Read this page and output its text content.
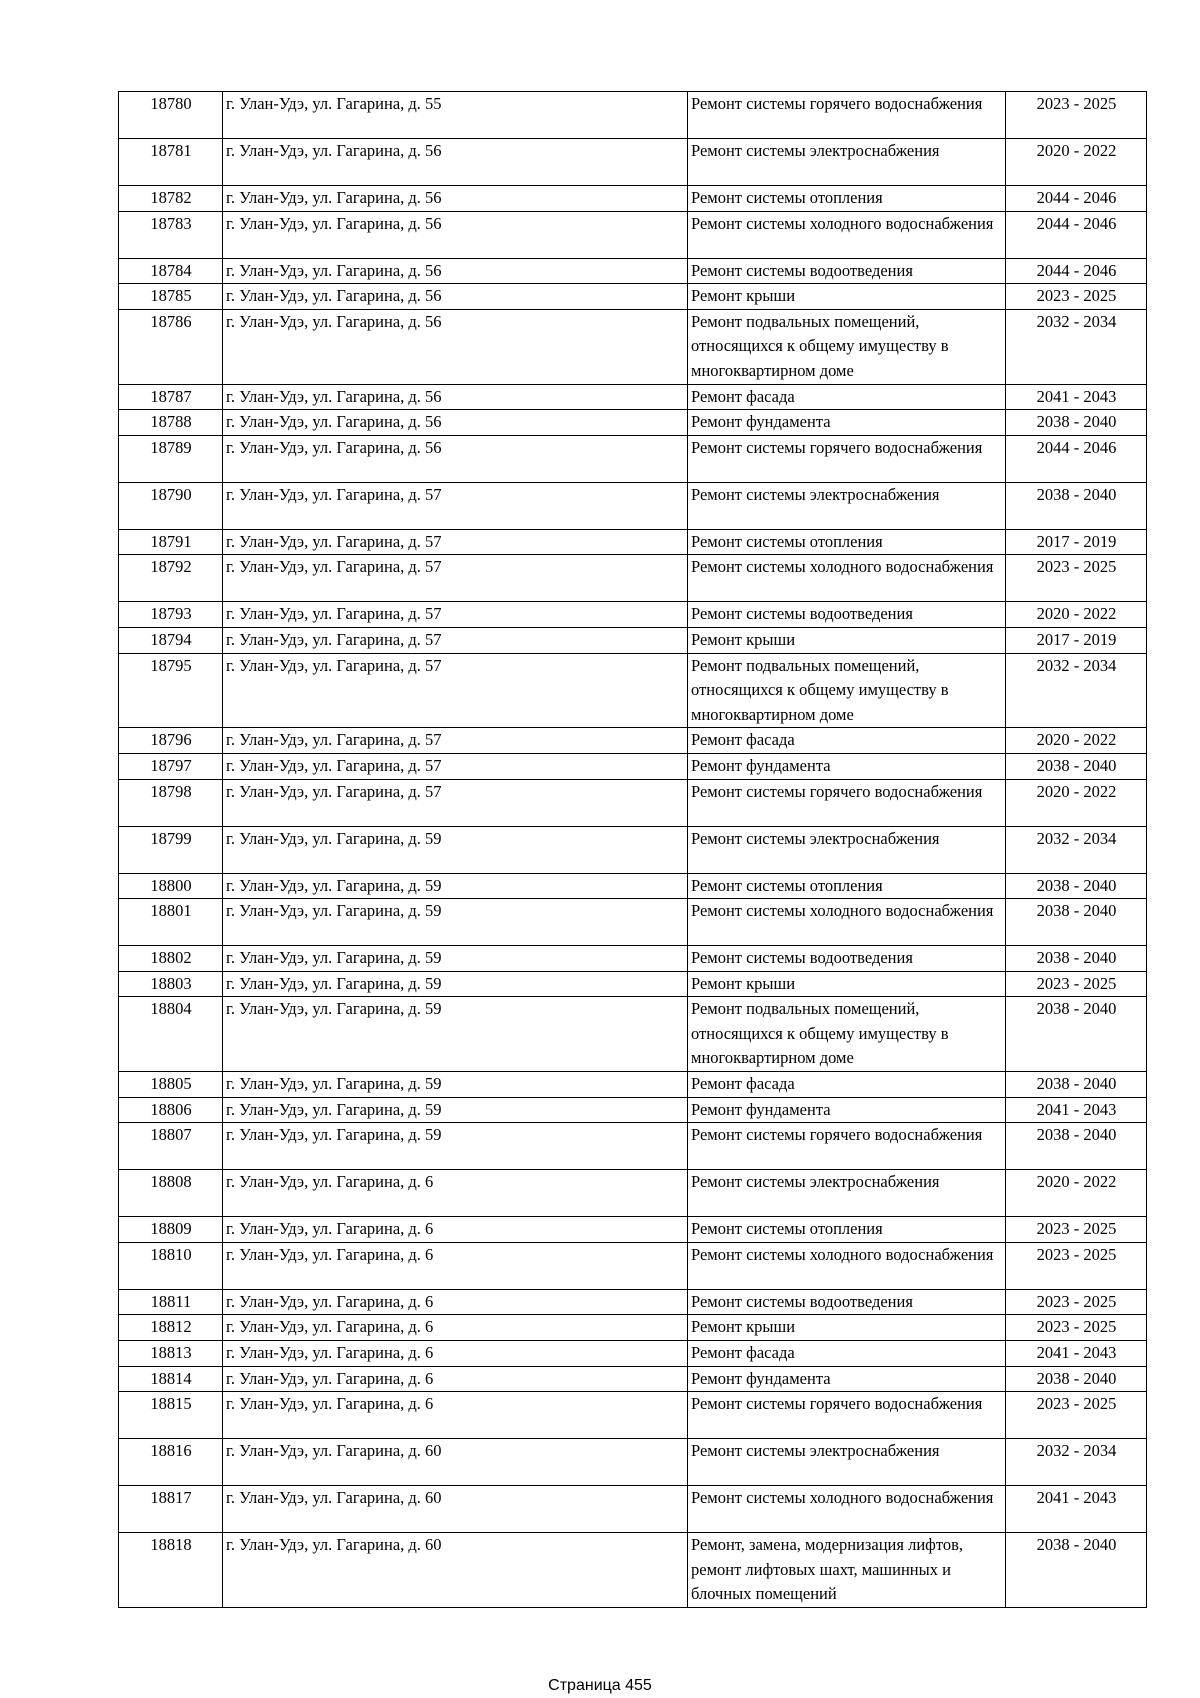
18780	г. Улан-Удэ, ул. Гагарина, д. 55	Ремонт системы горячего водоснабжения	2023 - 2025
18781	г. Улан-Удэ, ул. Гагарина, д. 56	Ремонт системы электроснабжения	2020 - 2022
18782	г. Улан-Удэ, ул. Гагарина, д. 56	Ремонт системы отопления	2044 - 2046
18783	г. Улан-Удэ, ул. Гагарина, д. 56	Ремонт системы холодного водоснабжения	2044 - 2046
18784	г. Улан-Удэ, ул. Гагарина, д. 56	Ремонт системы водоотведения	2044 - 2046
18785	г. Улан-Удэ, ул. Гагарина, д. 56	Ремонт крыши	2023 - 2025
18786	г. Улан-Удэ, ул. Гагарина, д. 56	Ремонт подвальных помещений, относящихся к общему имуществу в многоквартирном доме	2032 - 2034
18787	г. Улан-Удэ, ул. Гагарина, д. 56	Ремонт фасада	2041 - 2043
18788	г. Улан-Удэ, ул. Гагарина, д. 56	Ремонт фундамента	2038 - 2040
18789	г. Улан-Удэ, ул. Гагарина, д. 56	Ремонт системы горячего водоснабжения	2044 - 2046
18790	г. Улан-Удэ, ул. Гагарина, д. 57	Ремонт системы электроснабжения	2038 - 2040
18791	г. Улан-Удэ, ул. Гагарина, д. 57	Ремонт системы отопления	2017 - 2019
18792	г. Улан-Удэ, ул. Гагарина, д. 57	Ремонт системы холодного водоснабжения	2023 - 2025
18793	г. Улан-Удэ, ул. Гагарина, д. 57	Ремонт системы водоотведения	2020 - 2022
18794	г. Улан-Удэ, ул. Гагарина, д. 57	Ремонт крыши	2017 - 2019
18795	г. Улан-Удэ, ул. Гагарина, д. 57	Ремонт подвальных помещений, относящихся к общему имуществу в многоквартирном доме	2032 - 2034
18796	г. Улан-Удэ, ул. Гагарина, д. 57	Ремонт фасада	2020 - 2022
18797	г. Улан-Удэ, ул. Гагарина, д. 57	Ремонт фундамента	2038 - 2040
18798	г. Улан-Удэ, ул. Гагарина, д. 57	Ремонт системы горячего водоснабжения	2020 - 2022
18799	г. Улан-Удэ, ул. Гагарина, д. 59	Ремонт системы электроснабжения	2032 - 2034
18800	г. Улан-Удэ, ул. Гагарина, д. 59	Ремонт системы отопления	2038 - 2040
18801	г. Улан-Удэ, ул. Гагарина, д. 59	Ремонт системы холодного водоснабжения	2038 - 2040
18802	г. Улан-Удэ, ул. Гагарина, д. 59	Ремонт системы водоотведения	2038 - 2040
18803	г. Улан-Удэ, ул. Гагарина, д. 59	Ремонт крыши	2023 - 2025
18804	г. Улан-Удэ, ул. Гагарина, д. 59	Ремонт подвальных помещений, относящихся к общему имуществу в многоквартирном доме	2038 - 2040
18805	г. Улан-Удэ, ул. Гагарина, д. 59	Ремонт фасада	2038 - 2040
18806	г. Улан-Удэ, ул. Гагарина, д. 59	Ремонт фундамента	2041 - 2043
18807	г. Улан-Удэ, ул. Гагарина, д. 59	Ремонт системы горячего водоснабжения	2038 - 2040
18808	г. Улан-Удэ, ул. Гагарина, д. 6	Ремонт системы электроснабжения	2020 - 2022
18809	г. Улан-Удэ, ул. Гагарина, д. 6	Ремонт системы отопления	2023 - 2025
18810	г. Улан-Удэ, ул. Гагарина, д. 6	Ремонт системы холодного водоснабжения	2023 - 2025
18811	г. Улан-Удэ, ул. Гагарина, д. 6	Ремонт системы водоотведения	2023 - 2025
18812	г. Улан-Удэ, ул. Гагарина, д. 6	Ремонт крыши	2023 - 2025
18813	г. Улан-Удэ, ул. Гагарина, д. 6	Ремонт фасада	2041 - 2043
18814	г. Улан-Удэ, ул. Гагарина, д. 6	Ремонт фундамента	2038 - 2040
18815	г. Улан-Удэ, ул. Гагарина, д. 6	Ремонт системы горячего водоснабжения	2023 - 2025
18816	г. Улан-Удэ, ул. Гагарина, д. 60	Ремонт системы электроснабжения	2032 - 2034
18817	г. Улан-Удэ, ул. Гагарина, д. 60	Ремонт системы холодного водоснабжения	2041 - 2043
18818	г. Улан-Удэ, ул. Гагарина, д. 60	Ремонт, замена, модернизация лифтов, ремонт лифтовых шахт, машинных и блочных помещений	2038 - 2040
Страница 455
